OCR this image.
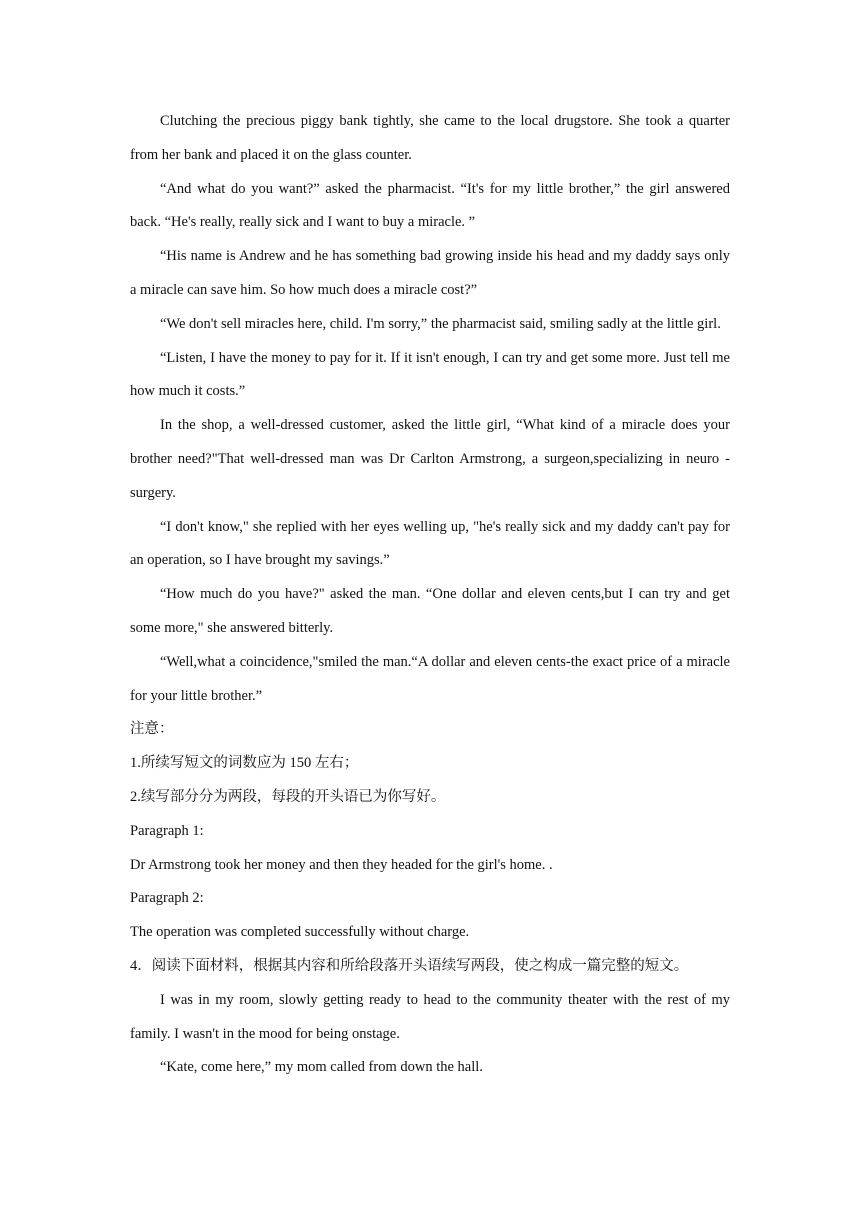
Clutching the precious piggy bank tightly, she came to the local drugstore. She took a quarter from her bank and placed it on the glass counter.

“And what do you want?” asked the pharmacist. “It's for my little brother,” the girl answered back. “He's really, really sick and I want to buy a miracle. ”

“His name is Andrew and he has something bad growing inside his head and my daddy says only a miracle can save him. So how much does a miracle cost?”

“We don't sell miracles here, child. I'm sorry,” the pharmacist said, smiling sadly at the little girl.

“Listen, I have the money to pay for it. If it isn't enough, I can try and get some more. Just tell me how much it costs.”

In the shop, a well-dressed customer, asked the little girl, “What kind of a miracle does your brother need?"That well-dressed man was Dr Carlton Armstrong, a surgeon,specializing in neuro - surgery.

“I don't know," she replied with her eyes welling up, "he's really sick and my daddy can't pay for an operation, so I have brought my savings.”

“How much do you have?" asked the man. “One dollar and eleven cents,but I can try and get some more," she answered bitterly.

“Well,what a coincidence,"smiled the man.“A dollar and eleven cents-the exact price of a miracle for your little brother.”

注意：

1.所续写短文的词数应为 150 左右；

2.续写部分分为两段，每段的开头语已为你写好。

Paragraph 1:

Dr Armstrong took her money and then they headed for the girl's home. .

Paragraph 2:

The operation was completed successfully without charge.

4．阅读下面材料，根据其内容和所给段落开头语续写两段，使之构成一篇完整的短文。

I was in my room, slowly getting ready to head to the community theater with the rest of my family. I wasn't in the mood for being onstage.

“Kate, come here,” my mom called from down the hall.
